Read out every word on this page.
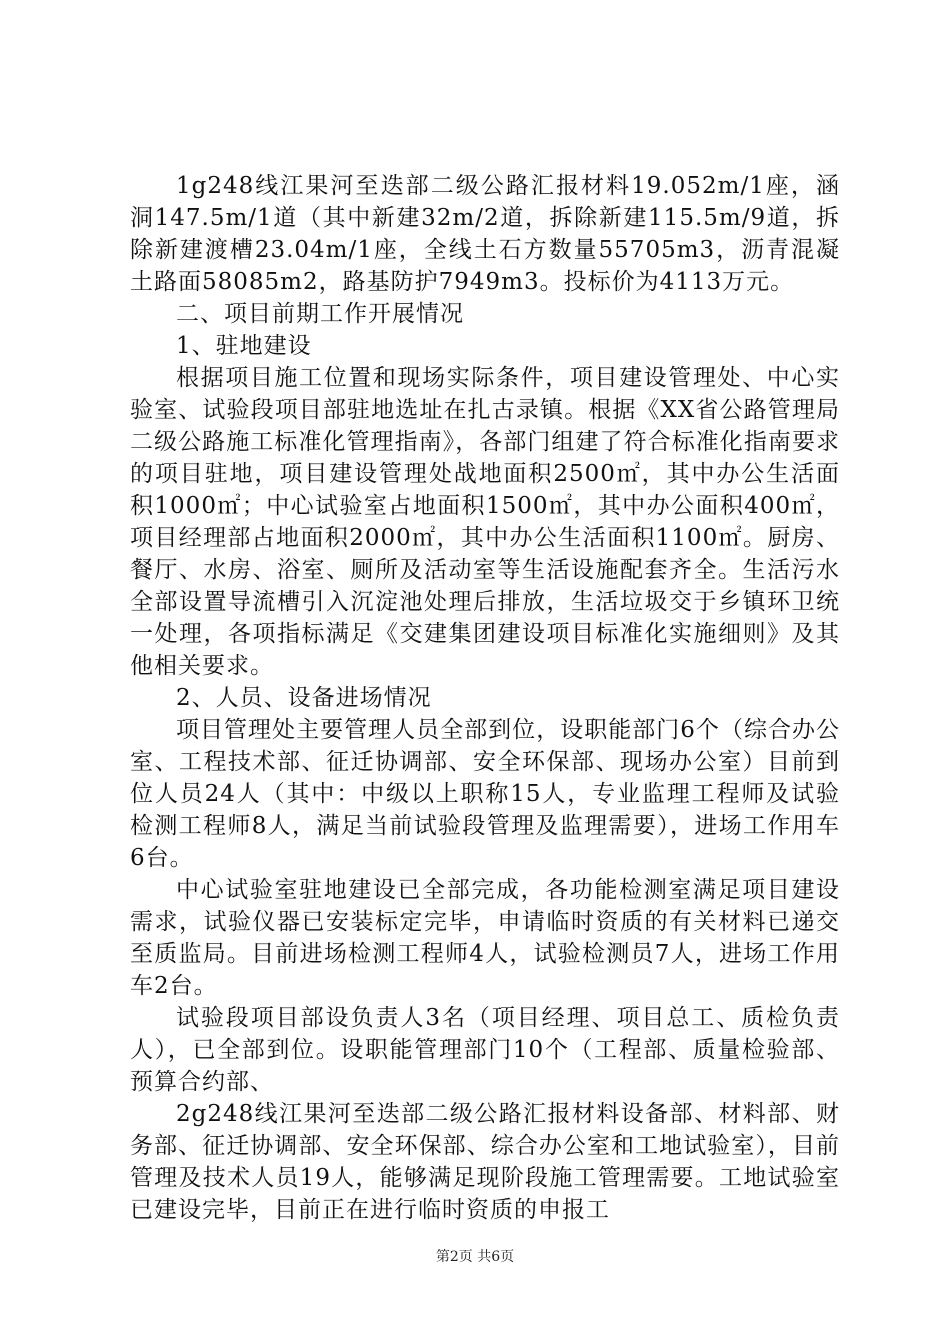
1g248线江果河至迭部二级公路汇报材料19.052m/1座，涵洞147.5m/1道（其中新建32m/2道，拆除新建115.5m/9道，拆除新建渡槽23.04m/1座，全线土石方数量55705m3，沥青混凝土路面58085m2，路基防护7949m3。投标价为4113万元。

二、项目前期工作开展情况

1、驻地建设

根据项目施工位置和现场实际条件，项目建设管理处、中心实验室、试验段项目部驻地选址在扎古录镇。根据《XX省公路管理局二级公路施工标准化管理指南》，各部门组建了符合标准化指南要求的项目驻地，项目建设管理处战地面积2500㎡，其中办公生活面积1000㎡；中心试验室占地面积1500㎡，其中办公面积400㎡，项目经理部占地面积2000㎡，其中办公生活面积1100㎡。厨房、餐厅、水房、浴室、厕所及活动室等生活设施配套齐全。生活污水全部设置导流槽引入沉淀池处理后排放，生活垃圾交于乡镇环卫统一处理，各项指标满足《交建集团建设项目标准化实施细则》及其他相关要求。

2、人员、设备进场情况

项目管理处主要管理人员全部到位，设职能部门6个（综合办公室、工程技术部、征迁协调部、安全环保部、现场办公室）目前到位人员24人（其中：中级以上职称15人，专业监理工程师及试验检测工程师8人，满足当前试验段管理及监理需要），进场工作用车6台。

中心试验室驻地建设已全部完成，各功能检测室满足项目建设需求，试验仪器已安装标定完毕，申请临时资质的有关材料已递交至质监局。目前进场检测工程师4人，试验检测员7人，进场工作用车2台。

试验段项目部设负责人3名（项目经理、项目总工、质检负责人），已全部到位。设职能管理部门10个（工程部、质量检验部、预算合约部、

2g248线江果河至迭部二级公路汇报材料设备部、材料部、财务部、征迁协调部、安全环保部、综合办公室和工地试验室），目前管理及技术人员19人，能够满足现阶段施工管理需要。工地试验室已建设完毕，目前正在进行临时资质的申报工

第2页 共6页
